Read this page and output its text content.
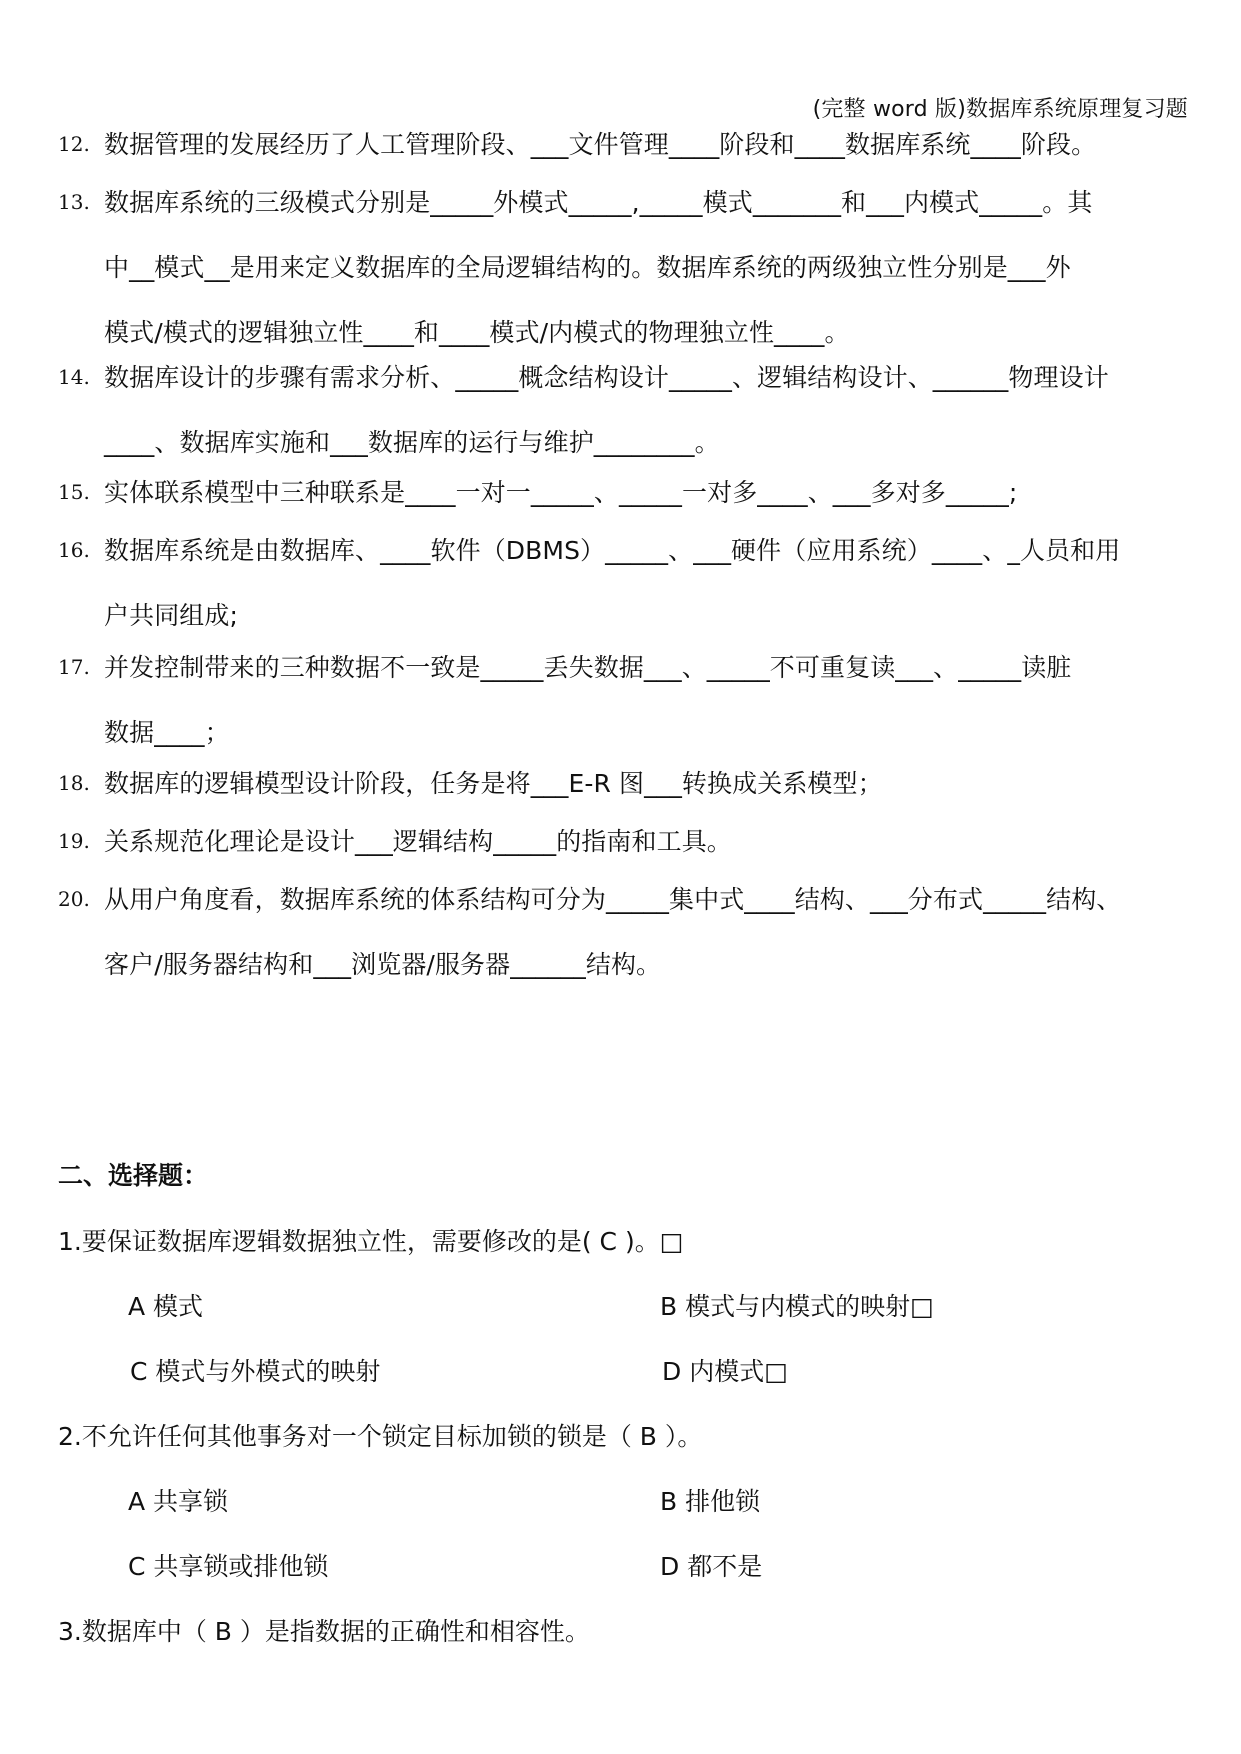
(完整 word 版)数据库系统原理复习题
12. 数据管理的发展经历了人工管理阶段、___文件管理____阶段和____数据库系统____阶段。
13. 数据库系统的三级模式分别是_____外模式_____,_____模式_______和___内模式_____。其
中__模式__是用来定义数据库的全局逻辑结构的。数据库系统的两级独立性分别是___外
模式/模式的逻辑独立性____和____模式/内模式的物理独立性____。
14. 数据库设计的步骤有需求分析、_____概念结构设计_____、逻辑结构设计、______物理设计
____、数据库实施和___数据库的运行与维护________。
15. 实体联系模型中三种联系是____一对一_____、_____一对多____、___多对多_____;
16. 数据库系统是由数据库、____软件（DBMS）_____、___硬件（应用系统）____、_人员和用
户共同组成;
17. 并发控制带来的三种数据不一致是_____丢失数据___、_____不可重复读___、_____读脏
数据____；
18. 数据库的逻辑模型设计阶段，任务是将___E-R 图___转换成关系模型；
19. 关系规范化理论是设计___逻辑结构_____的指南和工具。
20. 从用户角度看，数据库系统的体系结构可分为_____集中式____结构、___分布式_____结构、
客户/服务器结构和___浏览器/服务器______结构。
二、选择题：
1.要保证数据库逻辑数据独立性，需要修改的是( C )。□
A 模式	B 模式与内模式的映射□
C 模式与外模式的映射	D 内模式□
2.不允许任何其他事务对一个锁定目标加锁的锁是（ B ）。
A 共享锁	B 排他锁
C 共享锁或排他锁	D 都不是
3.数据库中（ B ）是指数据的正确性和相容性。
